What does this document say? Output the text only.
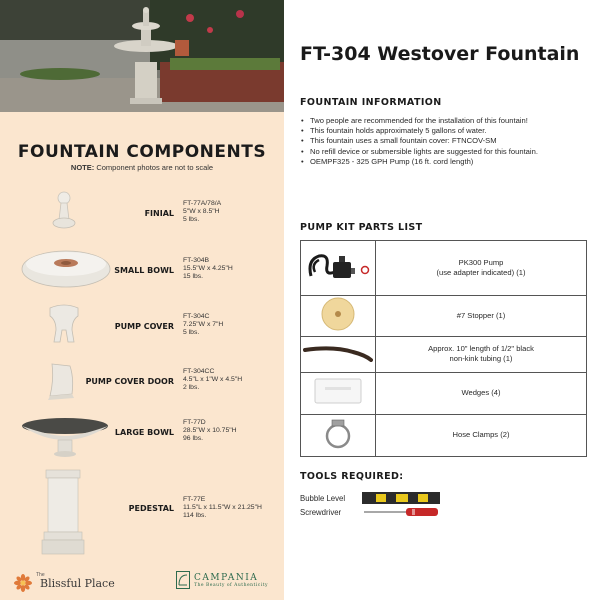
FOUNTAIN COMPONENTS
NOTE: Component photos are not to scale
FINIAL
FT-77A/78/A
5"W x 8.5"H
5 lbs.
SMALL BOWL
FT-304B
15.5"W x 4.25"H
15 lbs.
PUMP COVER
FT-304C
7.25"W x 7"H
5 lbs.
PUMP COVER DOOR
FT-304CC
4.5"L x 1"W x 4.5"H
2 lbs.
LARGE BOWL
FT-77D
28.5"W x 10.75"H
96 lbs.
PEDESTAL
FT-77E
11.5"L x 11.5"W x 21.25"H
114 lbs.
The
Blissful Place	CAMPANIA
The Beauty of Authenticity
FT-304 Westover Fountain
FOUNTAIN INFORMATION
• Two people are recommended for the installation of this fountain!
• This fountain holds approximately 5 gallons of water.
• This fountain uses a small fountain cover: FTNCOV-SM
• No refill device or submersible lights are suggested for this fountain.
• OEMPF325 - 325 GPH Pump (16 ft. cord length)
PUMP KIT PARTS LIST

PK300 Pump
(use adapter indicated) (1)

	#7 Stopper (1)

Approx. 10" length of 1/2" black
non-kink tubing (1)

	Wedges (4)
	Hose Clamps (2)
TOOLS REQUIRED:
Bubble Level
Screwdriver
